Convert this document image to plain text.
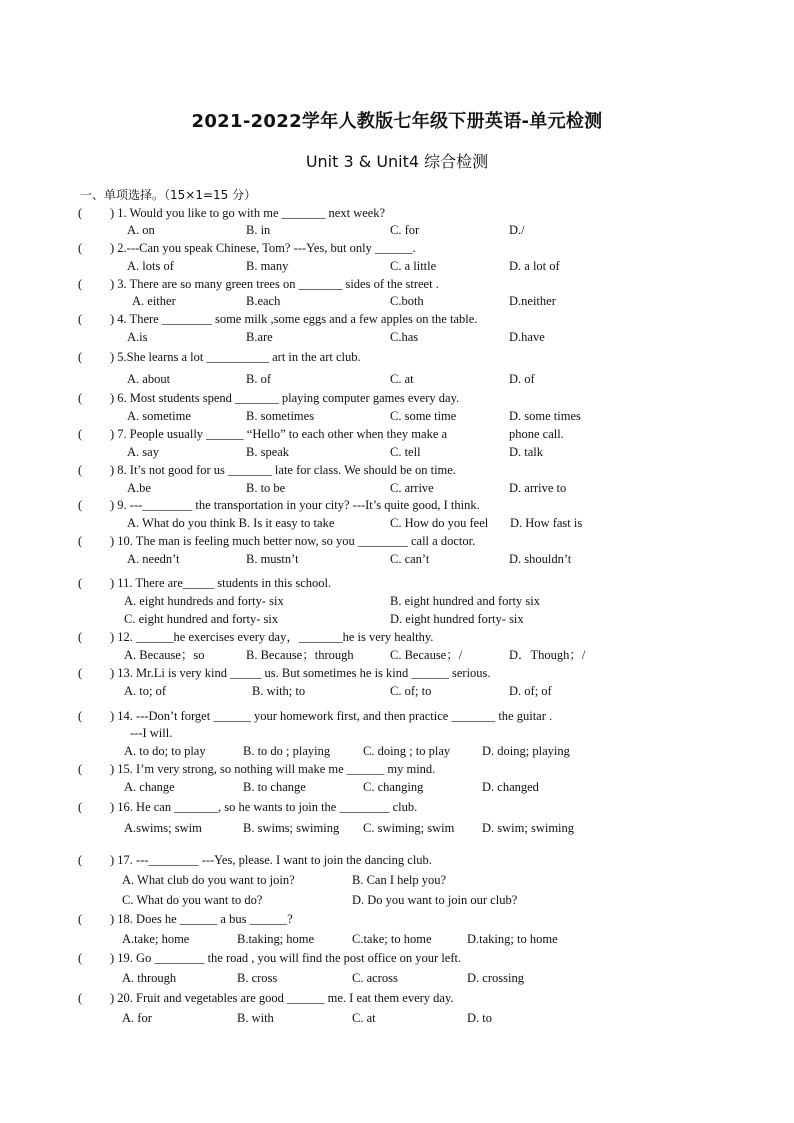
2021-2022学年人教版七年级下册英语-单元检测
Unit 3 & Unit4 综合检测
一、单项选择。（15×1=15 分）
( ) 1. Would you like to go with me _______ next week?
A. on	B. in	C. for	D./
( ) 2.---Can you speak Chinese, Tom? ---Yes, but only ______.
A. lots of	B. many	C. a little	D. a lot of
( ) 3. There are so many green trees on _______ sides of the street .
A. either	B.each	C.both	D.neither
( ) 4. There ________ some milk ,some eggs and a few apples on the table.
A.is	B.are	C.has	D.have
( ) 5.She learns a lot __________ art in the art club.
A. about	B. of	C. at	D. of
( ) 6. Most students spend _______ playing computer games every day.
A. sometime	B. sometimes	C. some time	D. some times
( ) 7. People usually ______ “Hello” to each other when they make a	phone call.
A. say	B. speak	C. tell	D. talk
( ) 8. It’s not good for us _______ late for class. We should be on time.
A.be	B. to be	C. arrive	D. arrive to
( ) 9. ---________ the transportation in your city? ---It’s quite good, I think.
A. What do you think B. Is it easy to take	C. How do you feel D. How fast is
( ) 10. The man is feeling much better now, so you ________ call a doctor.
A. needn’t	B. mustn’t	C. can’t	D. shouldn’t
( ) 11. There are_____ students in this school.
A. eight hundreds and forty- six	B. eight hundred and forty six
C. eight hundred and forty- six	D. eight hundred forty- six
( ) 12. ______he exercises every day，_______he is very healthy.
A. Because；so	B. Because；through	C. Because；/	D．Though；/
( ) 13. Mr.Li is very kind _____ us. But sometimes he is kind ______ serious.
A. to; of	B. with; to	C. of; to	D. of; of
( ) 14. ---Don’t forget ______ your homework first, and then practice _______ the guitar .
---I will.
A. to do; to play	B. to do ; playing	C. doing ; to play	D. doing; playing
( ) 15. I’m very strong, so nothing will make me ______ my mind.
A. change	B. to change	C. changing	D. changed
( ) 16. He can _______, so he wants to join the ________ club.
A.swims; swim	B. swims; swiming C. swiming; swim D. swim; swiming
( ) 17. ---________ ---Yes, please. I want to join the dancing club.
A. What club do you want to join?	B. Can I help you?
C. What do you want to do?	D. Do you want to join our club?
( ) 18. Does he ______ a bus ______?
A.take; home	B.taking; home	C.take; to home	D.taking; to home
( ) 19. Go ________ the road , you will find the post office on your left.
A. through	B. cross	C. across	D. crossing
( ) 20. Fruit and vegetables are good ______ me. I eat them every day.
A. for	B. with	C. at	D. to
